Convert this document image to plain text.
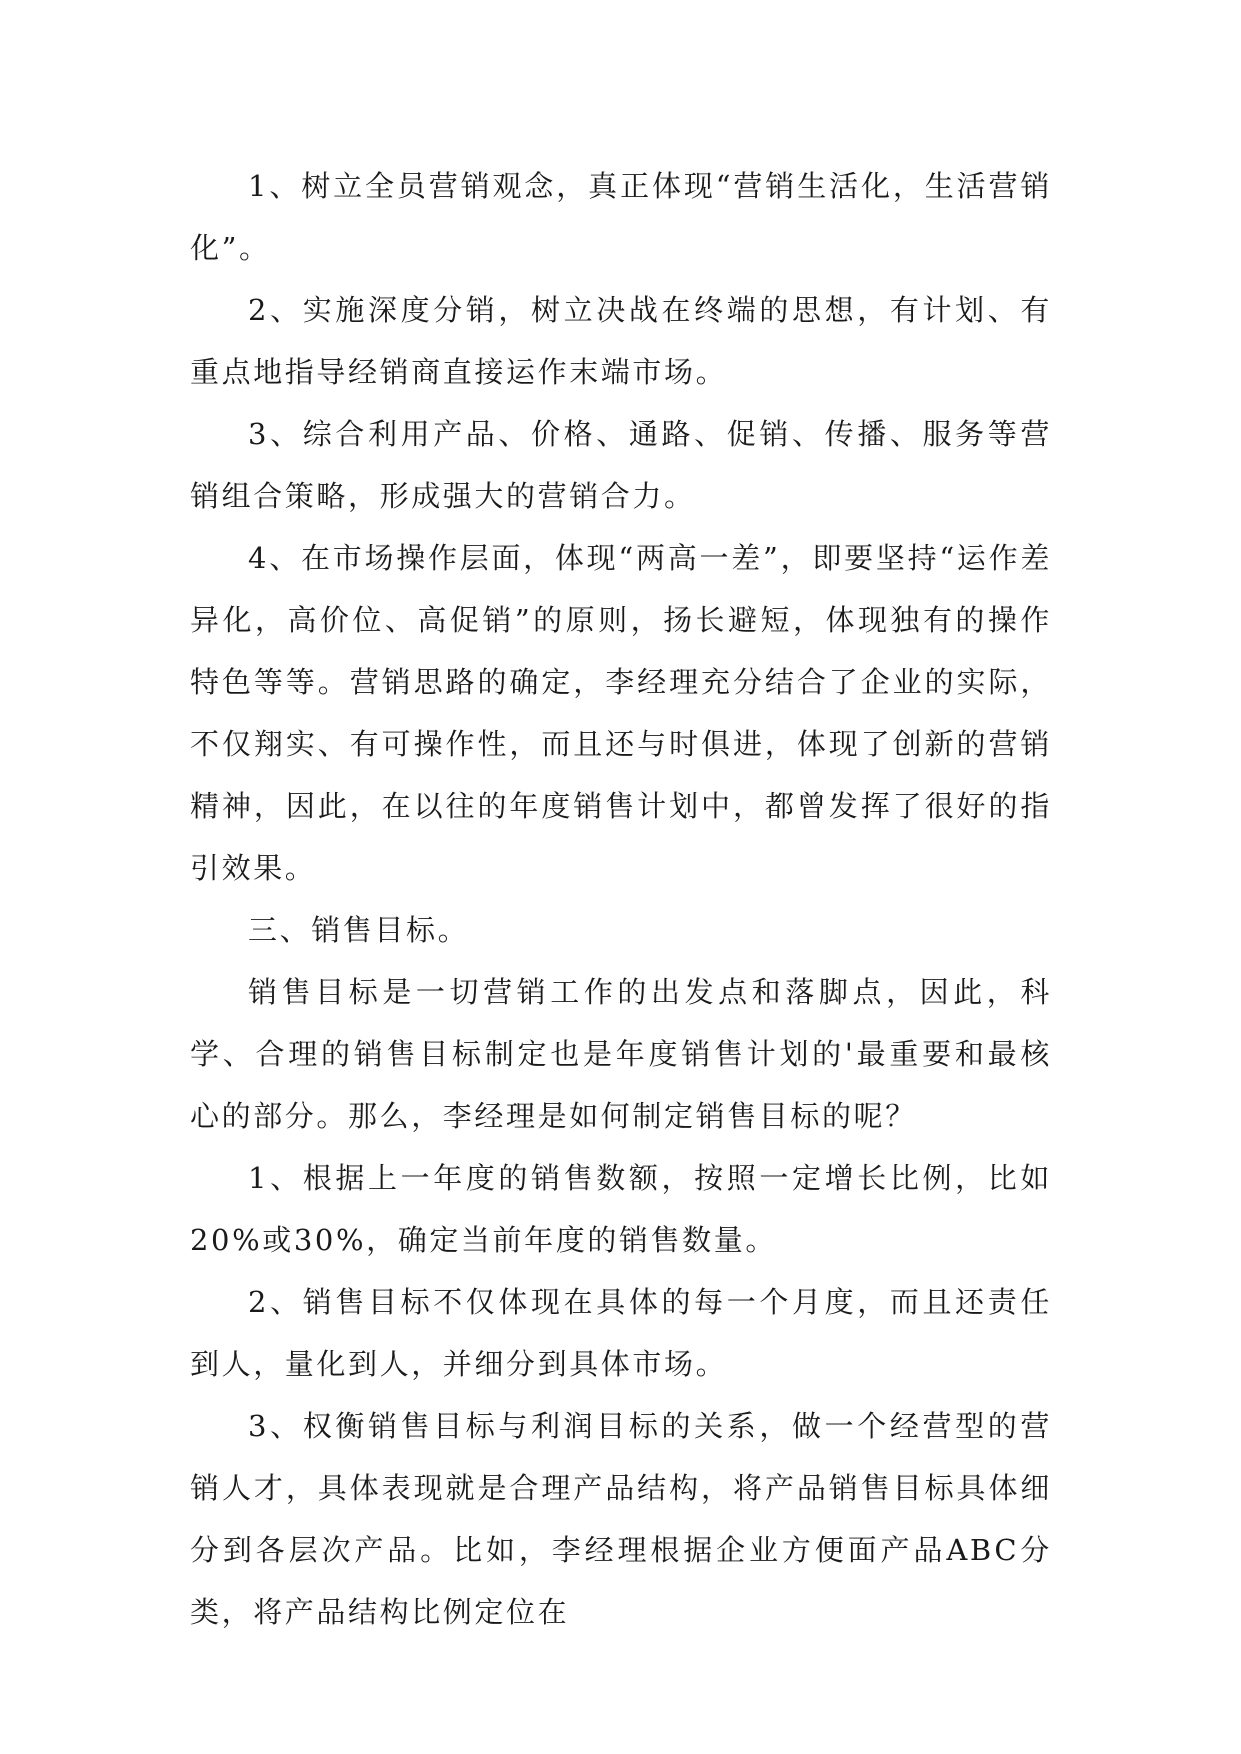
1、树立全员营销观念，真正体现“营销生活化，生活营销化”。

2、实施深度分销，树立决战在终端的思想，有计划、有重点地指导经销商直接运作末端市场。

3、综合利用产品、价格、通路、促销、传播、服务等营销组合策略，形成强大的营销合力。

4、在市场操作层面，体现“两高一差”，即要坚持“运作差异化，高价位、高促销”的原则，扬长避短，体现独有的操作特色等等。营销思路的确定，李经理充分结合了企业的实际，不仅翔实、有可操作性，而且还与时俱进，体现了创新的营销精神，因此，在以往的年度销售计划中，都曾发挥了很好的指引效果。

三、销售目标。

销售目标是一切营销工作的出发点和落脚点，因此，科学、合理的销售目标制定也是年度销售计划的'最重要和最核心的部分。那么，李经理是如何制定销售目标的呢？

1、根据上一年度的销售数额，按照一定增长比例，比如20%或30%，确定当前年度的销售数量。

2、销售目标不仅体现在具体的每一个月度，而且还责任到人，量化到人，并细分到具体市场。

3、权衡销售目标与利润目标的关系，做一个经营型的营销人才，具体表现就是合理产品结构，将产品销售目标具体细分到各层次产品。比如，李经理根据企业方便面产品ABC分类，将产品结构比例定位在
